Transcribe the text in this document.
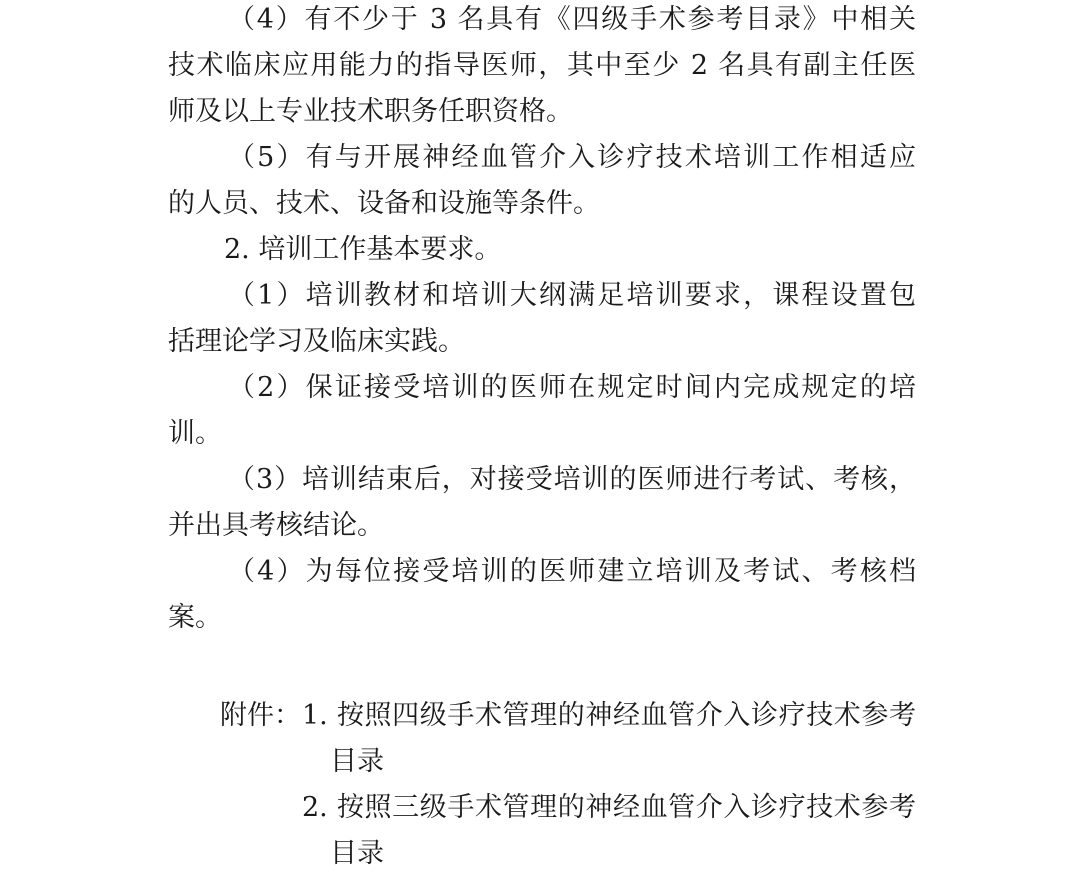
（4）有不少于 3 名具有《四级手术参考目录》中相关
技术临床应用能力的指导医师，其中至少 2 名具有副主任医
师及以上专业技术职务任职资格。
（5）有与开展神经血管介入诊疗技术培训工作相适应
的人员、技术、设备和设施等条件。
2. 培训工作基本要求。
（1）培训教材和培训大纲满足培训要求，课程设置包
括理论学习及临床实践。
（2）保证接受培训的医师在规定时间内完成规定的培
训。
（3）培训结束后，对接受培训的医师进行考试、考核，
并出具考核结论。
（4）为每位接受培训的医师建立培训及考试、考核档
案。
附件： 1. 按照四级手术管理的神经血管介入诊疗技术参考
目录
2. 按照三级手术管理的神经血管介入诊疗技术参考
目录
